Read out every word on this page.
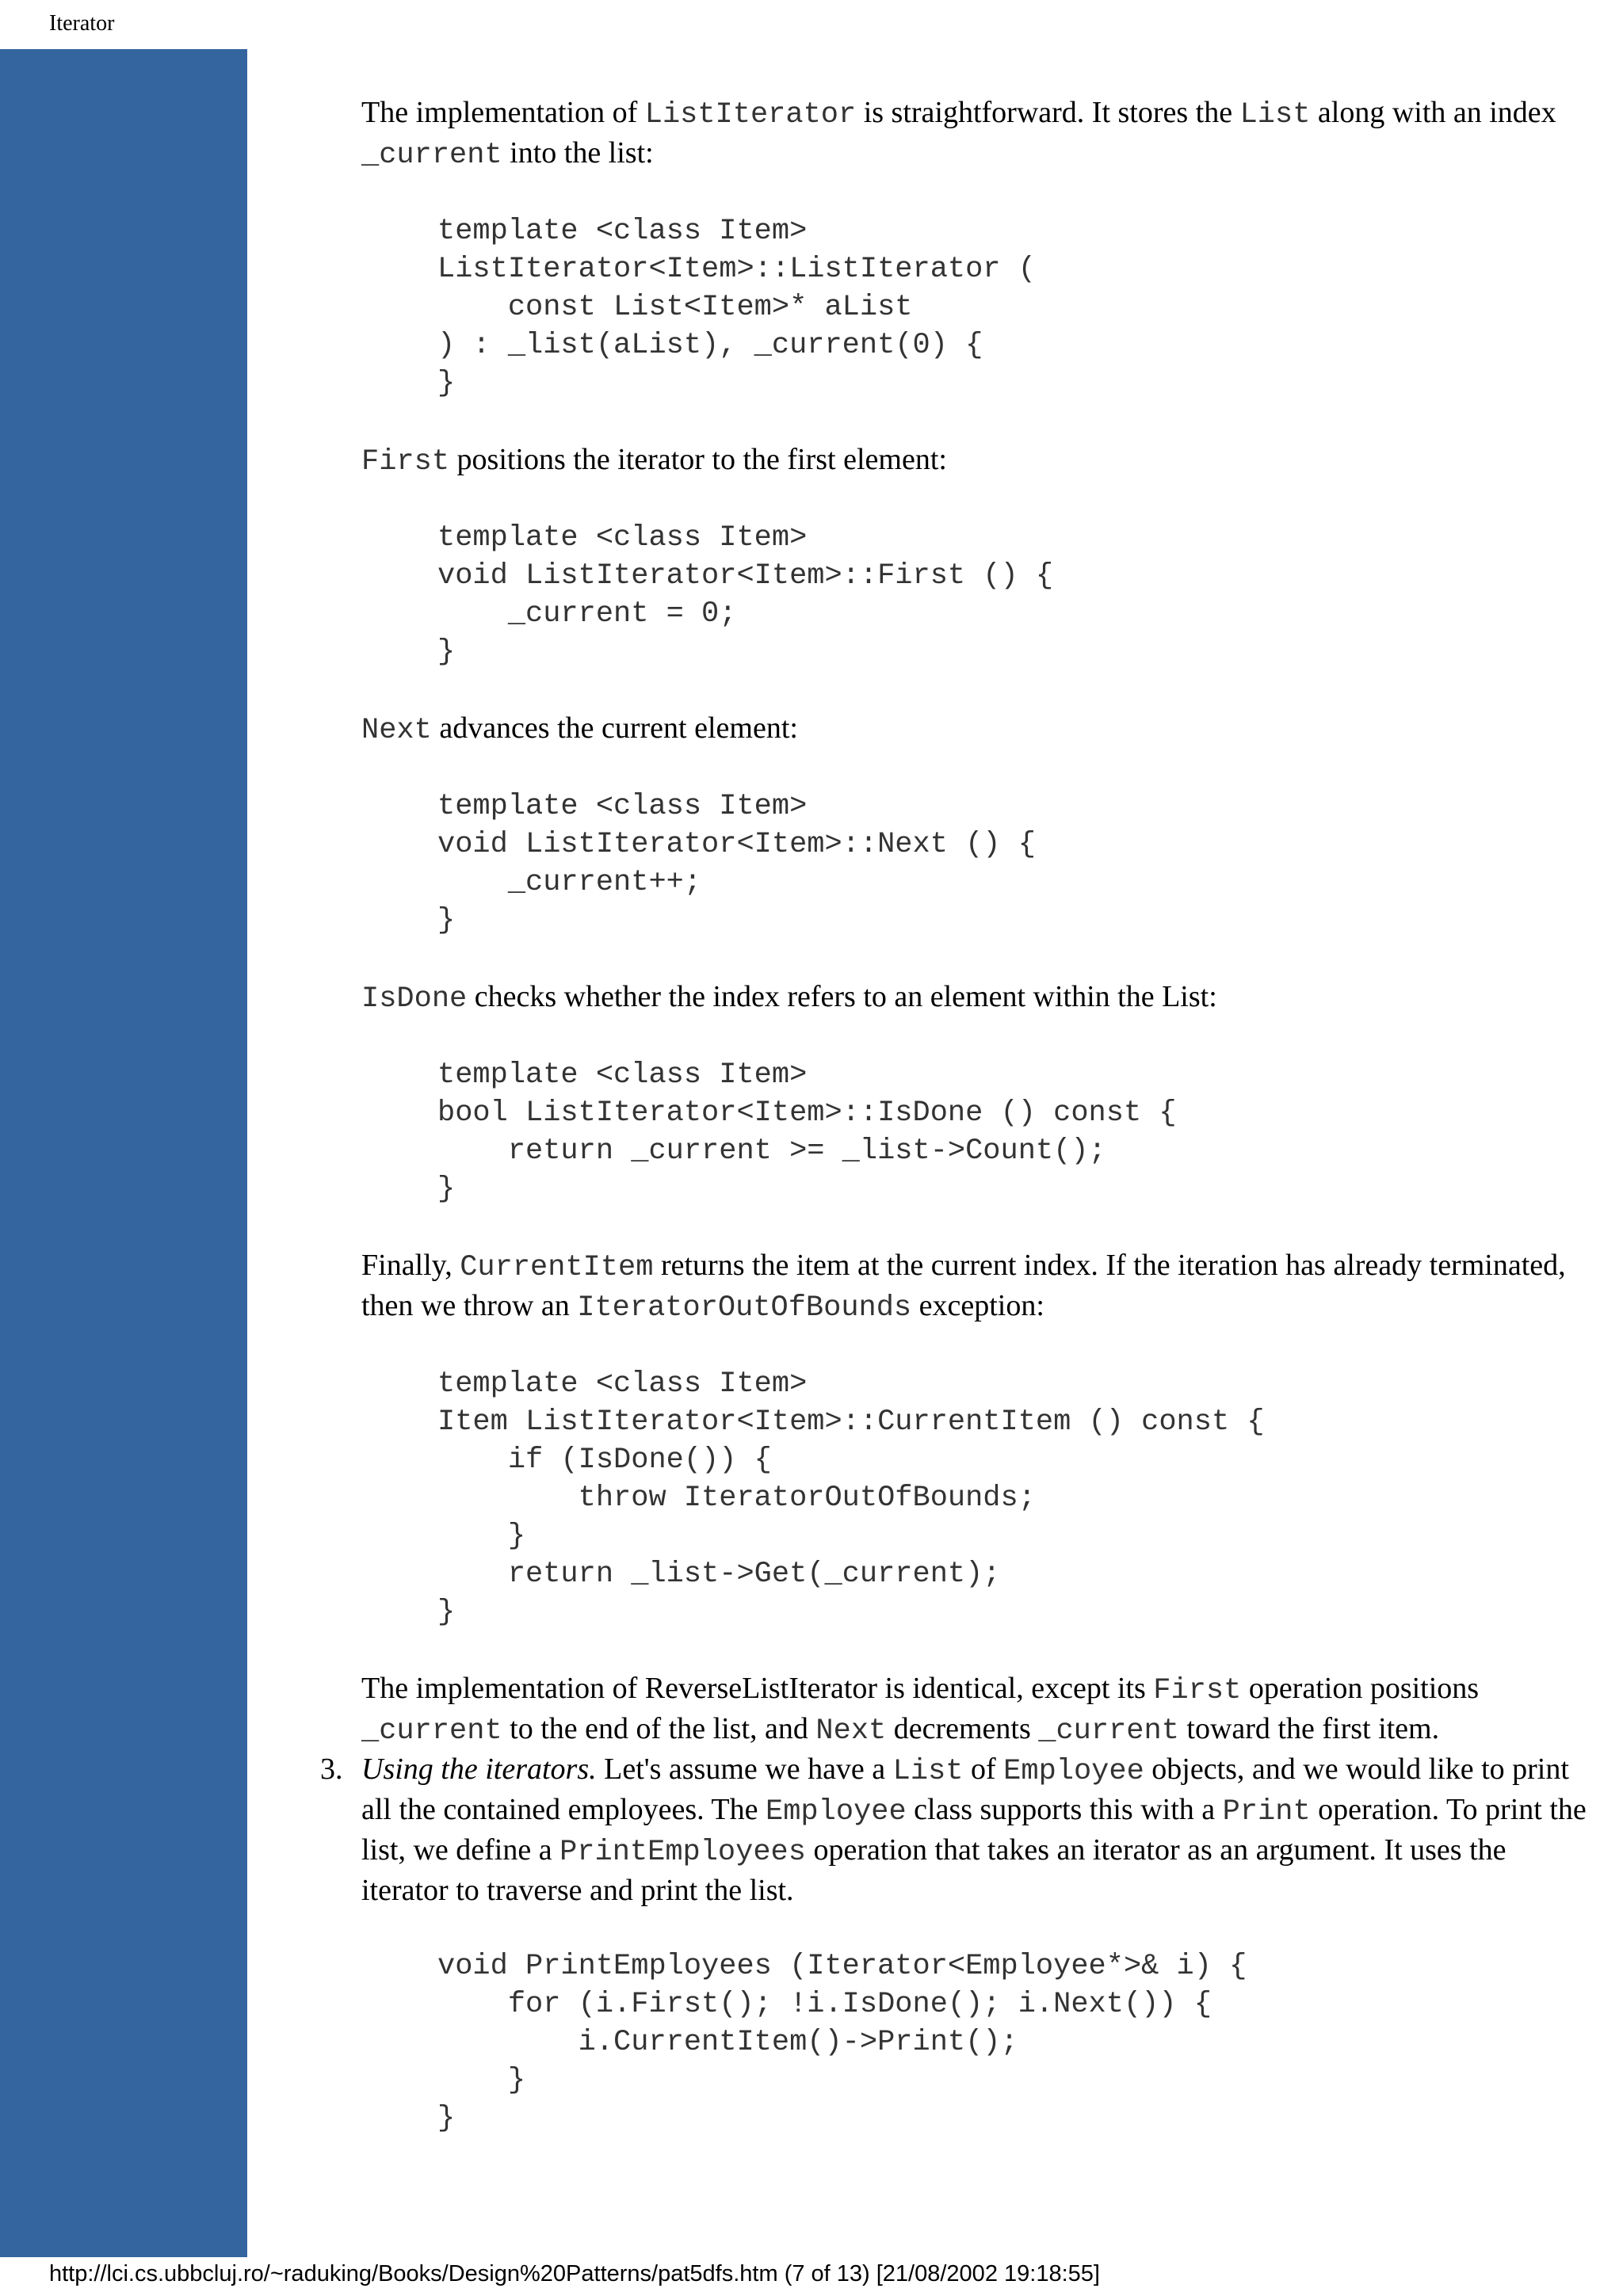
Iterator

The implementation of ListIterator is straightforward. It stores the List along with an index _current into the list:

template <class Item>
ListIterator<Item>::ListIterator (
const List<Item>* aList
) : _list(aList), _current(0) {
}

First positions the iterator to the first element:

template <class Item>
void ListIterator<Item>::First () {
_current = 0;
}

Next advances the current element:

template <class Item>
void ListIterator<Item>::Next () {
_current++;
}

IsDone checks whether the index refers to an element within the List:

template <class Item>
bool ListIterator<Item>::IsDone () const {
return _current >= _list->Count();
}

Finally, CurrentItem returns the item at the current index. If the iteration has already terminated, then we throw an IteratorOutOfBounds exception:

template <class Item>
Item ListIterator<Item>::CurrentItem () const {
if (IsDone()) {
throw IteratorOutOfBounds;
}
return _list->Get(_current);
}

The implementation of ReverseListIterator is identical, except its First operation positions _current to the end of the list, and Next decrements _current toward the first item.

3. Using the iterators. Let's assume we have a List of Employee objects, and we would like to print all the contained employees. The Employee class supports this with a Print operation. To print the list, we define a PrintEmployees operation that takes an iterator as an argument. It uses the iterator to traverse and print the list.

void PrintEmployees (Iterator<Employee*>& i) {
for (i.First(); !i.IsDone(); i.Next()) {
i.CurrentItem()->Print();
}
}
http://lci.cs.ubbcluj.ro/~raduking/Books/Design%20Patterns/pat5dfs.htm (7 of 13) [21/08/2002 19:18:55]
